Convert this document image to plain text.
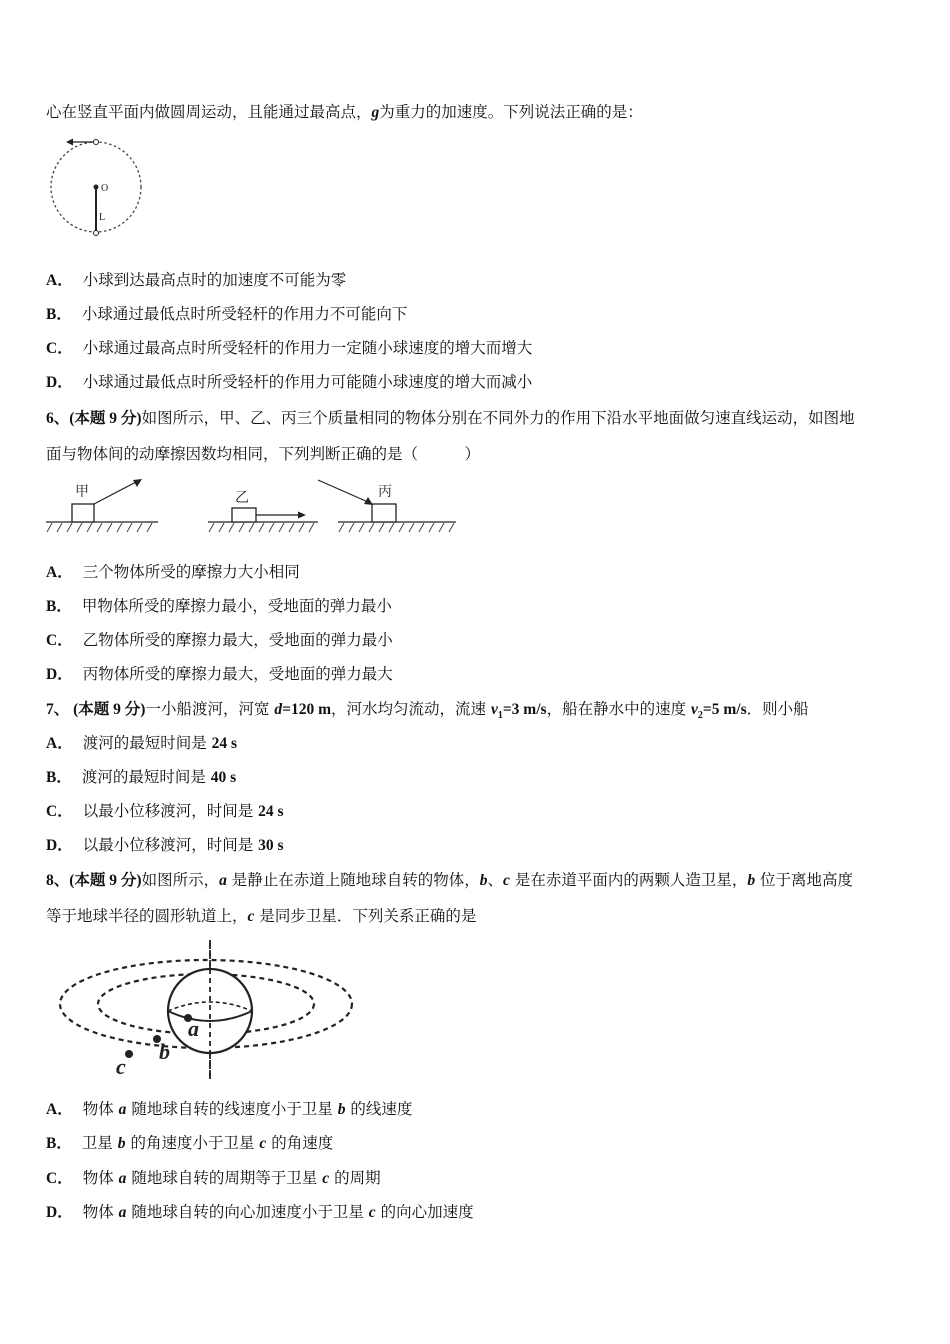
心在竖直平面内做圆周运动，且能通过最高点，g为重力的加速度。下列说法正确的是：
O
L
A． 小球到达最高点时的加速度不可能为零
B． 小球通过最低点时所受轻杆的作用力不可能向下
C． 小球通过最高点时所受轻杆的作用力一定随小球速度的增大而增大
D． 小球通过最低点时所受轻杆的作用力可能随小球速度的增大而减小
6、(本题 9 分)如图所示，甲、乙、丙三个质量相同的物体分别在不同外力的作用下沿水平地面做匀速直线运动，如图地
面与物体间的动摩擦因数均相同，下列判断正确的是（　　　）
甲	乙	丙
A． 三个物体所受的摩擦力大小相同
B． 甲物体所受的摩擦力最小，受地面的弹力最小
C． 乙物体所受的摩擦力最大，受地面的弹力最小
D． 丙物体所受的摩擦力最大，受地面的弹力最大
7、 (本题 9 分)一小船渡河，河宽 d=120 m，河水均匀流动，流速 $v_1=3$ m/s，船在静水中的速度 $v_2=5$ m/s．则小船
A． 渡河的最短时间是 24 s
B． 渡河的最短时间是 40 s
C． 以最小位移渡河，时间是 24 s
D． 以最小位移渡河，时间是 30 s
8、(本题 9 分)如图所示，a 是静止在赤道上随地球自转的物体，b、c 是在赤道平面内的两颗人造卫星，b 位于离地高度
等于地球半径的圆形轨道上，c 是同步卫星．下列关系正确的是
a
b
c
A． 物体 a 随地球自转的线速度小于卫星 b 的线速度
B． 卫星 b 的角速度小于卫星 c 的角速度
C． 物体 a 随地球自转的周期等于卫星 c 的周期
D． 物体 a 随地球自转的向心加速度小于卫星 c 的向心加速度
